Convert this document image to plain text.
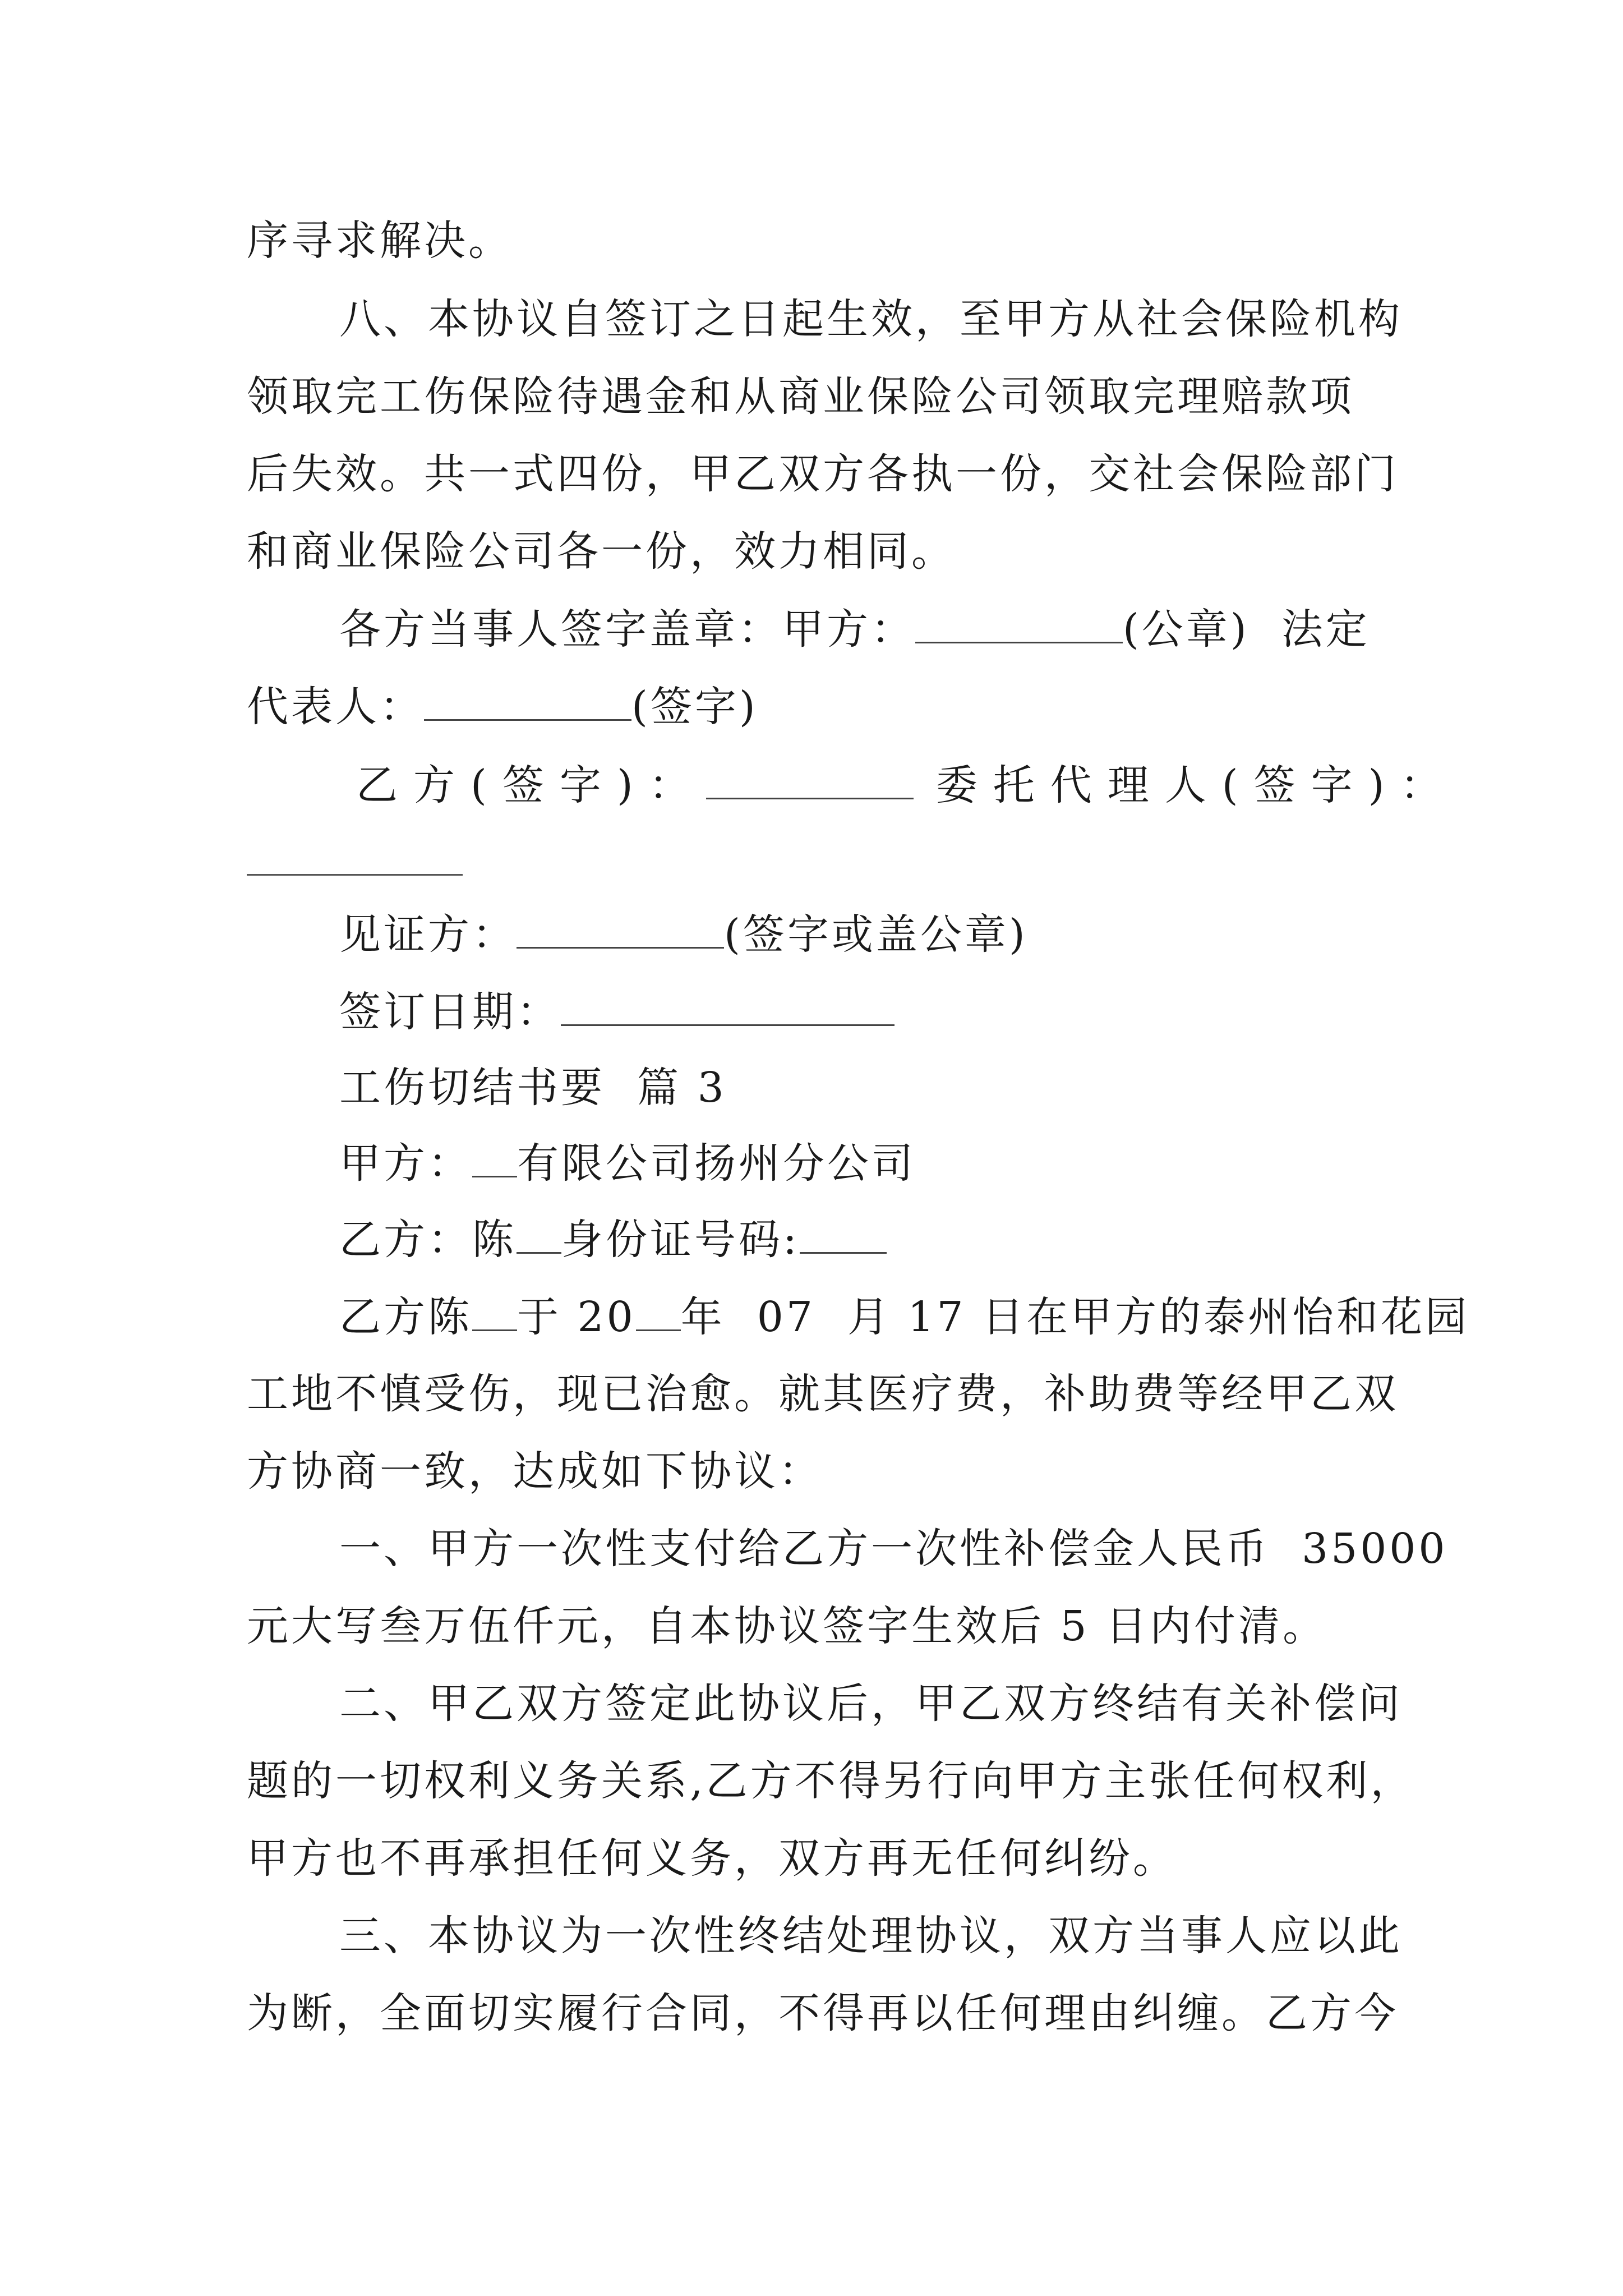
序寻求解决。
八、本协议自签订之日起生效，至甲方从社会保险机构
领取完工伤保险待遇金和从商业保险公司领取完理赔款项
后失效。共一式四份，甲乙双方各执一份，交社会保险部门
和商业保险公司各一份，效力相同。
各方当事人签字盖章：甲方：	(公章)  法定
代表人：	(签字)
乙方(签字)：	委托代理人(签字)：
见证方：	(签字或盖公章)
签订日期：
工伤切结书要  篇 3
甲方： 有限公司扬州分公司
乙方：陈 身份证号码:
乙方陈 于 20 年  07  月 17 日在甲方的泰州怡和花园
工地不慎受伤，现已治愈。就其医疗费，补助费等经甲乙双
方协商一致，达成如下协议：
一、甲方一次性支付给乙方一次性补偿金人民币  35000
元大写叁万伍仟元，自本协议签字生效后 5 日内付清。
二、甲乙双方签定此协议后，甲乙双方终结有关补偿问
题的一切权利义务关系,乙方不得另行向甲方主张任何权利，
甲方也不再承担任何义务，双方再无任何纠纷。
三、本协议为一次性终结处理协议，双方当事人应以此
为断，全面切实履行合同，不得再以任何理由纠缠。乙方今
